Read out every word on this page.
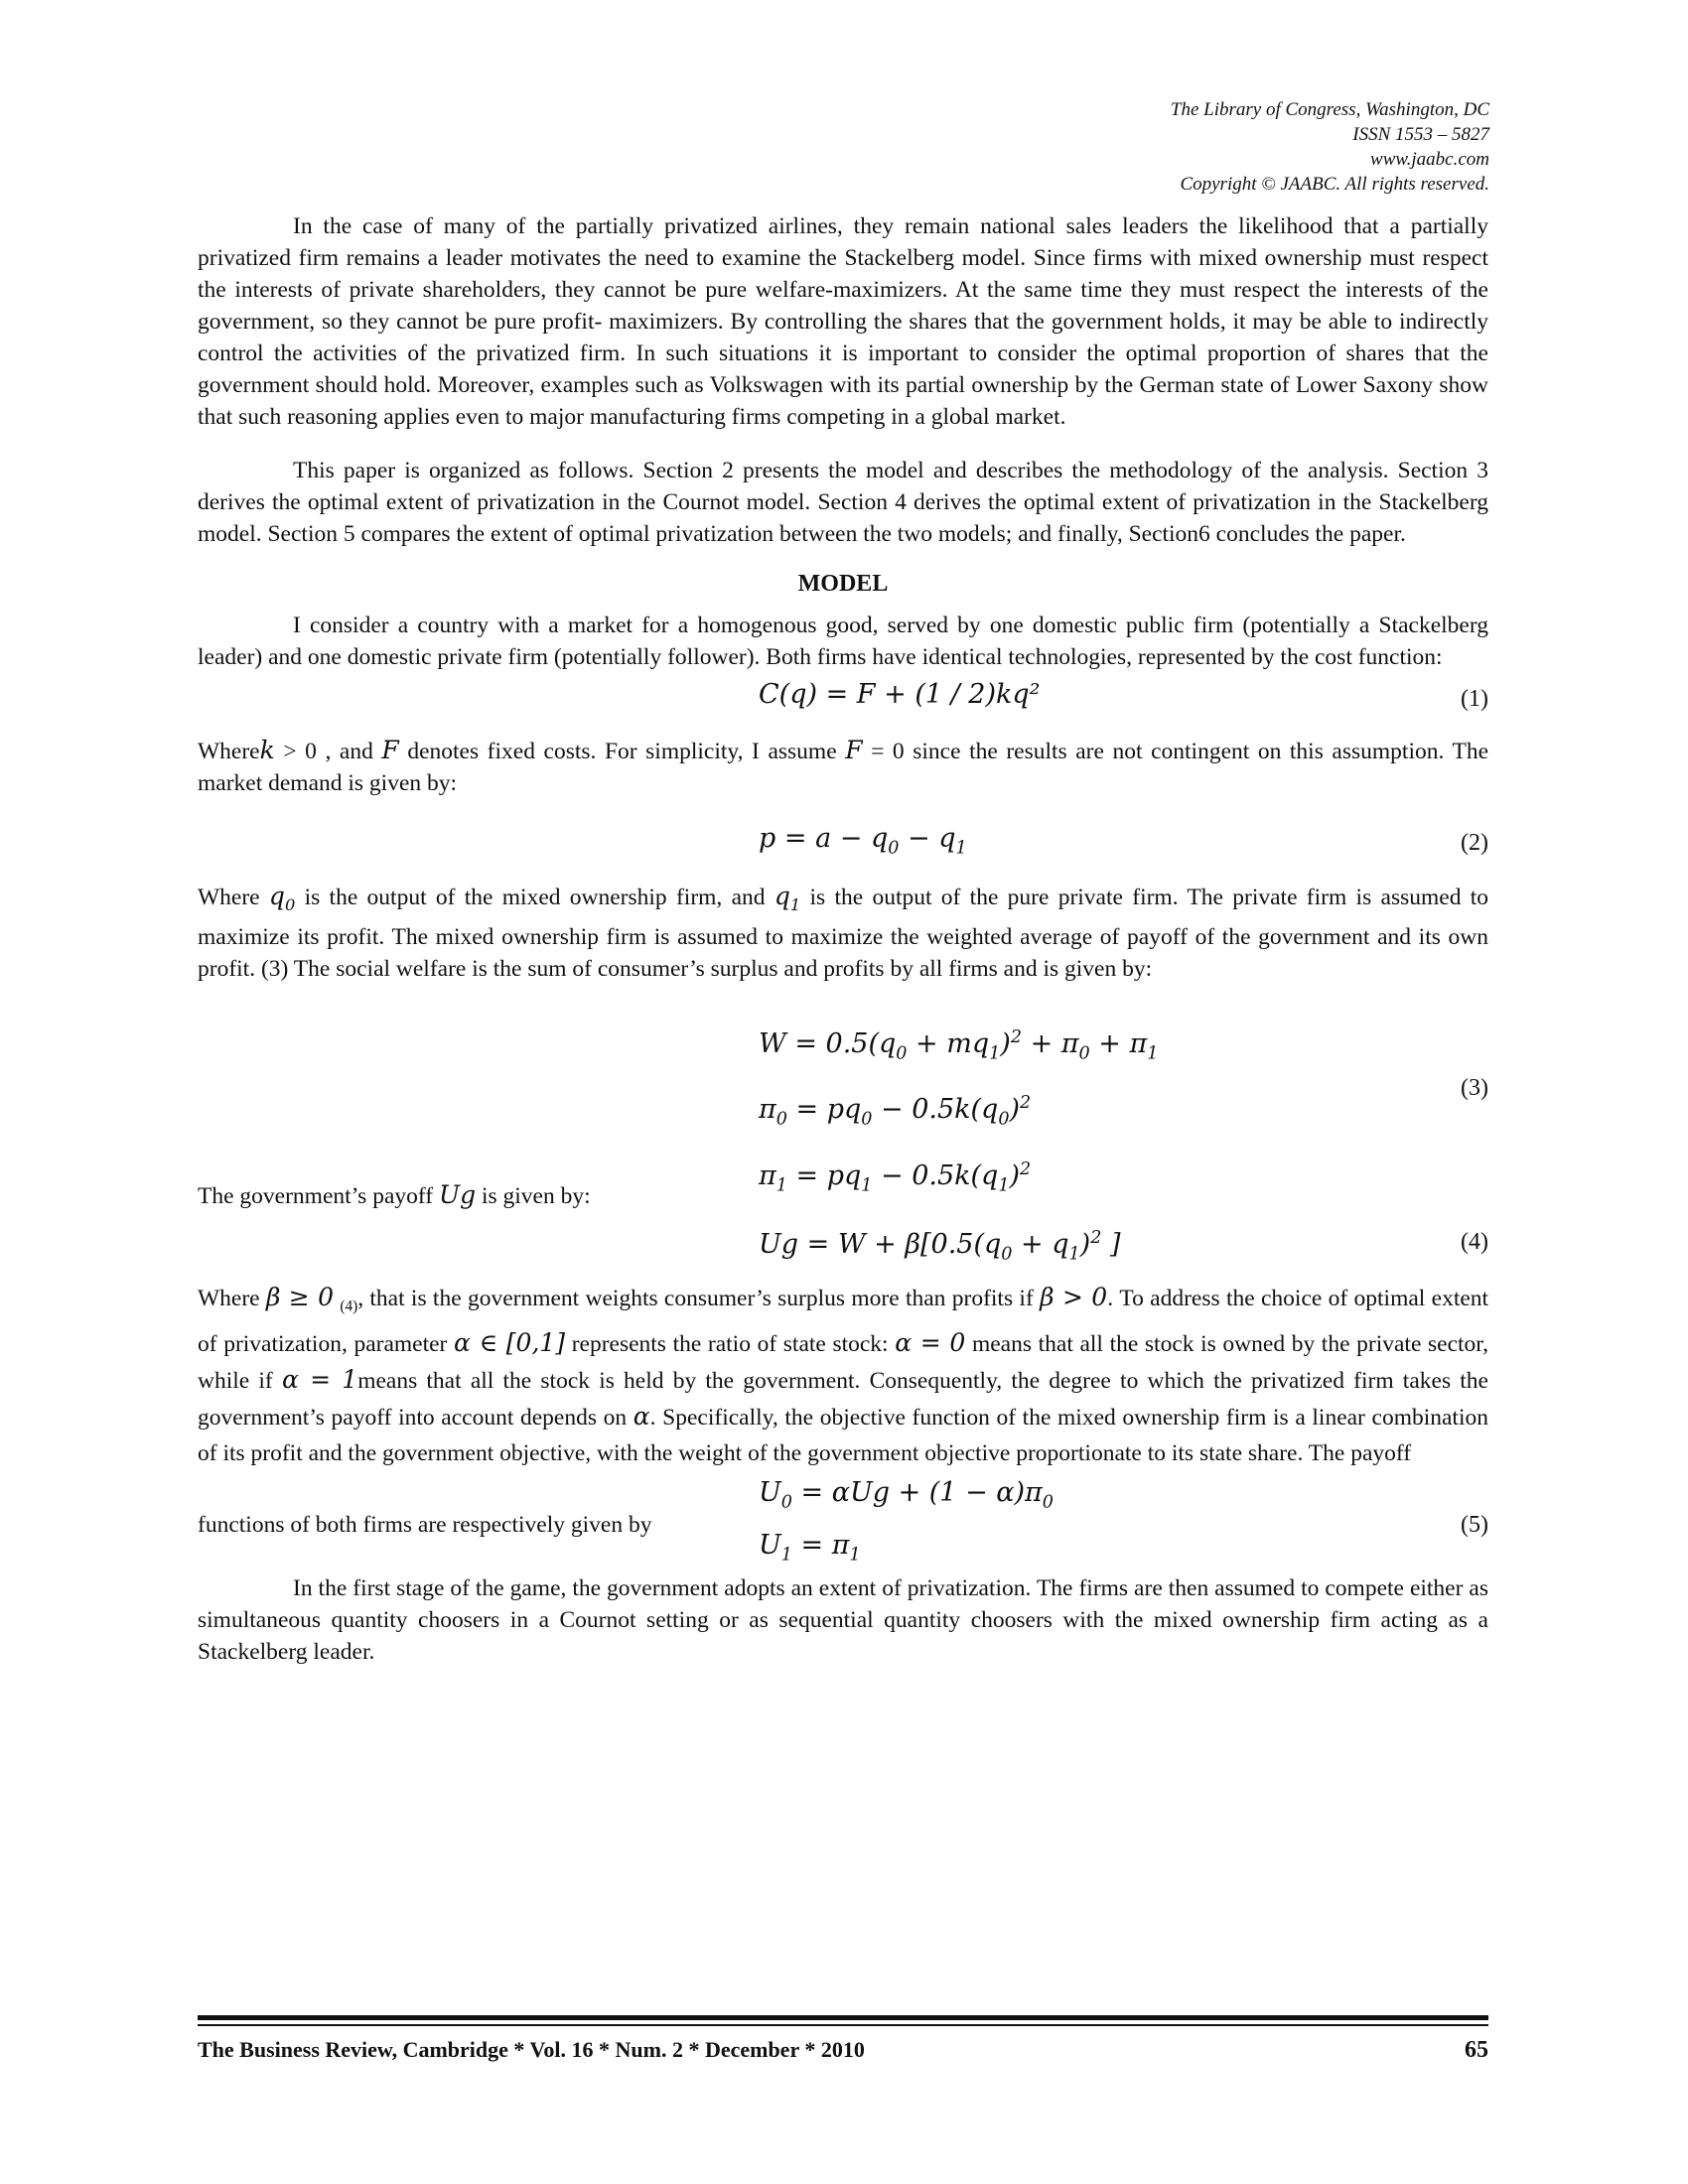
The Library of Congress, Washington, DC
ISSN 1553 – 5827
www.jaabc.com
Copyright © JAABC. All rights reserved.

In the case of many of the partially privatized airlines, they remain national sales leaders the likelihood that a partially privatized firm remains a leader motivates the need to examine the Stackelberg model. Since firms with mixed ownership must respect the interests of private shareholders, they cannot be pure welfare-maximizers. At the same time they must respect the interests of the government, so they cannot be pure profit- maximizers. By controlling the shares that the government holds, it may be able to indirectly control the activities of the privatized firm. In such situations it is important to consider the optimal proportion of shares that the government should hold. Moreover, examples such as Volkswagen with its partial ownership by the German state of Lower Saxony show that such reasoning applies even to major manufacturing firms competing in a global market.

This paper is organized as follows. Section 2 presents the model and describes the methodology of the analysis. Section 3 derives the optimal extent of privatization in the Cournot model. Section 4 derives the optimal extent of privatization in the Stackelberg model. Section 5 compares the extent of optimal privatization between the two models; and finally, Section6 concludes the paper.

MODEL

I consider a country with a market for a homogenous good, served by one domestic public firm (potentially a Stackelberg leader) and one domestic private firm (potentially follower). Both firms have identical technologies, represented by the cost function:

C(q) = F + (1 / 2)kq²	(1)

Wherek > 0 , and F denotes fixed costs. For simplicity, I assume F = 0 since the results are not contingent on this assumption. The market demand is given by:

$p = a - q_0 - q_1$	(2)

Where $q_0$ is the output of the mixed ownership firm, and $q_1$ is the output of the pure private firm. The private firm is assumed to maximize its profit. The mixed ownership firm is assumed to maximize the weighted average of payoff of the government and its own profit. (3) The social welfare is the sum of consumer’s surplus and profits by all firms and is given by:

$W = 0.5(q_0 + mq_1)^2 + \pi_0 + \pi_1$
$\pi_0 = pq_0 - 0.5k(q_0)^2$
$\pi_1 = pq_1 - 0.5k(q_1)^2$
(3)

The government’s payoff Ug is given by:

$Ug = W + \beta[0.5(q_0 + q_1)^2$ ]	(4)

Where β ≥ 0 $_{(4)}$, that is the government weights consumer’s surplus more than profits if β > 0. To address the choice of optimal extent of privatization, parameter α ∈ [0,1] represents the ratio of state stock: α = 0 means that all the stock is owned by the private sector, while if α = 1means that all the stock is held by the government. Consequently, the degree to which the privatized firm takes the government’s payoff into account depends on α. Specifically, the objective function of the mixed ownership firm is a linear combination of its profit and the government objective, with the weight of the government objective proportionate to its state share. The payoff

functions of both firms are respectively given by
$U_0 = \alpha Ug + (1 - \alpha)\pi_0$
$U_1 = \pi_1$
(5)

In the first stage of the game, the government adopts an extent of privatization. The firms are then assumed to compete either as simultaneous quantity choosers in a Cournot setting or as sequential quantity choosers with the mixed ownership firm acting as a Stackelberg leader.

The Business Review, Cambridge * Vol. 16 * Num. 2 * December * 2010	65
